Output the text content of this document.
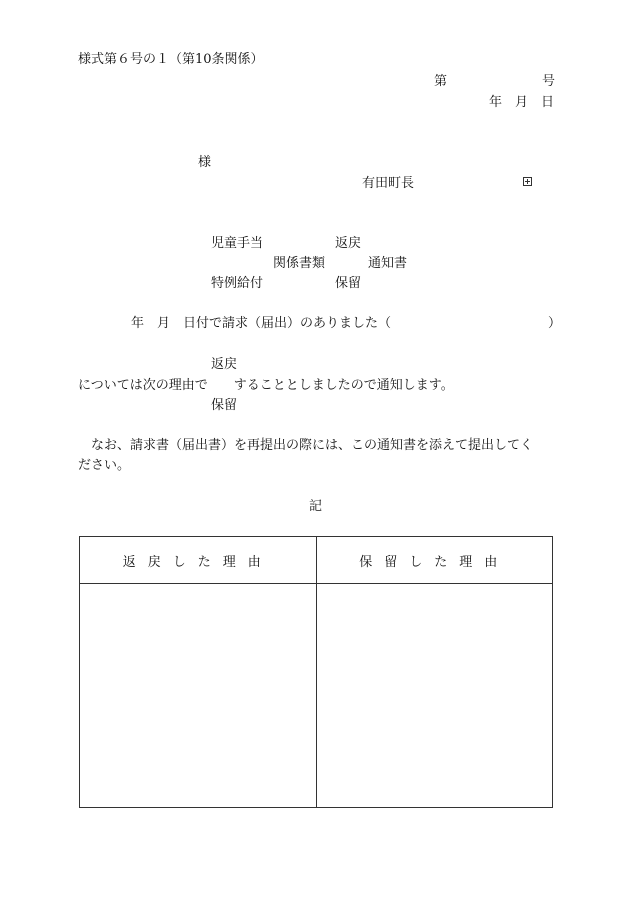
様式第６号の１（第10条関係）
第	号
年　月　日
様
有田町長
児童手当	返戻
関係書類	通知書
特例給付	保留
年　月　日付で請求（届出）のありました（	）
返戻
については次の理由で　　することとしましたので通知します。
保留
なお、請求書（届出書）を再提出の際には、この通知書を添えて提出してく
ださい。
記
返戻した理由	保留した理由
